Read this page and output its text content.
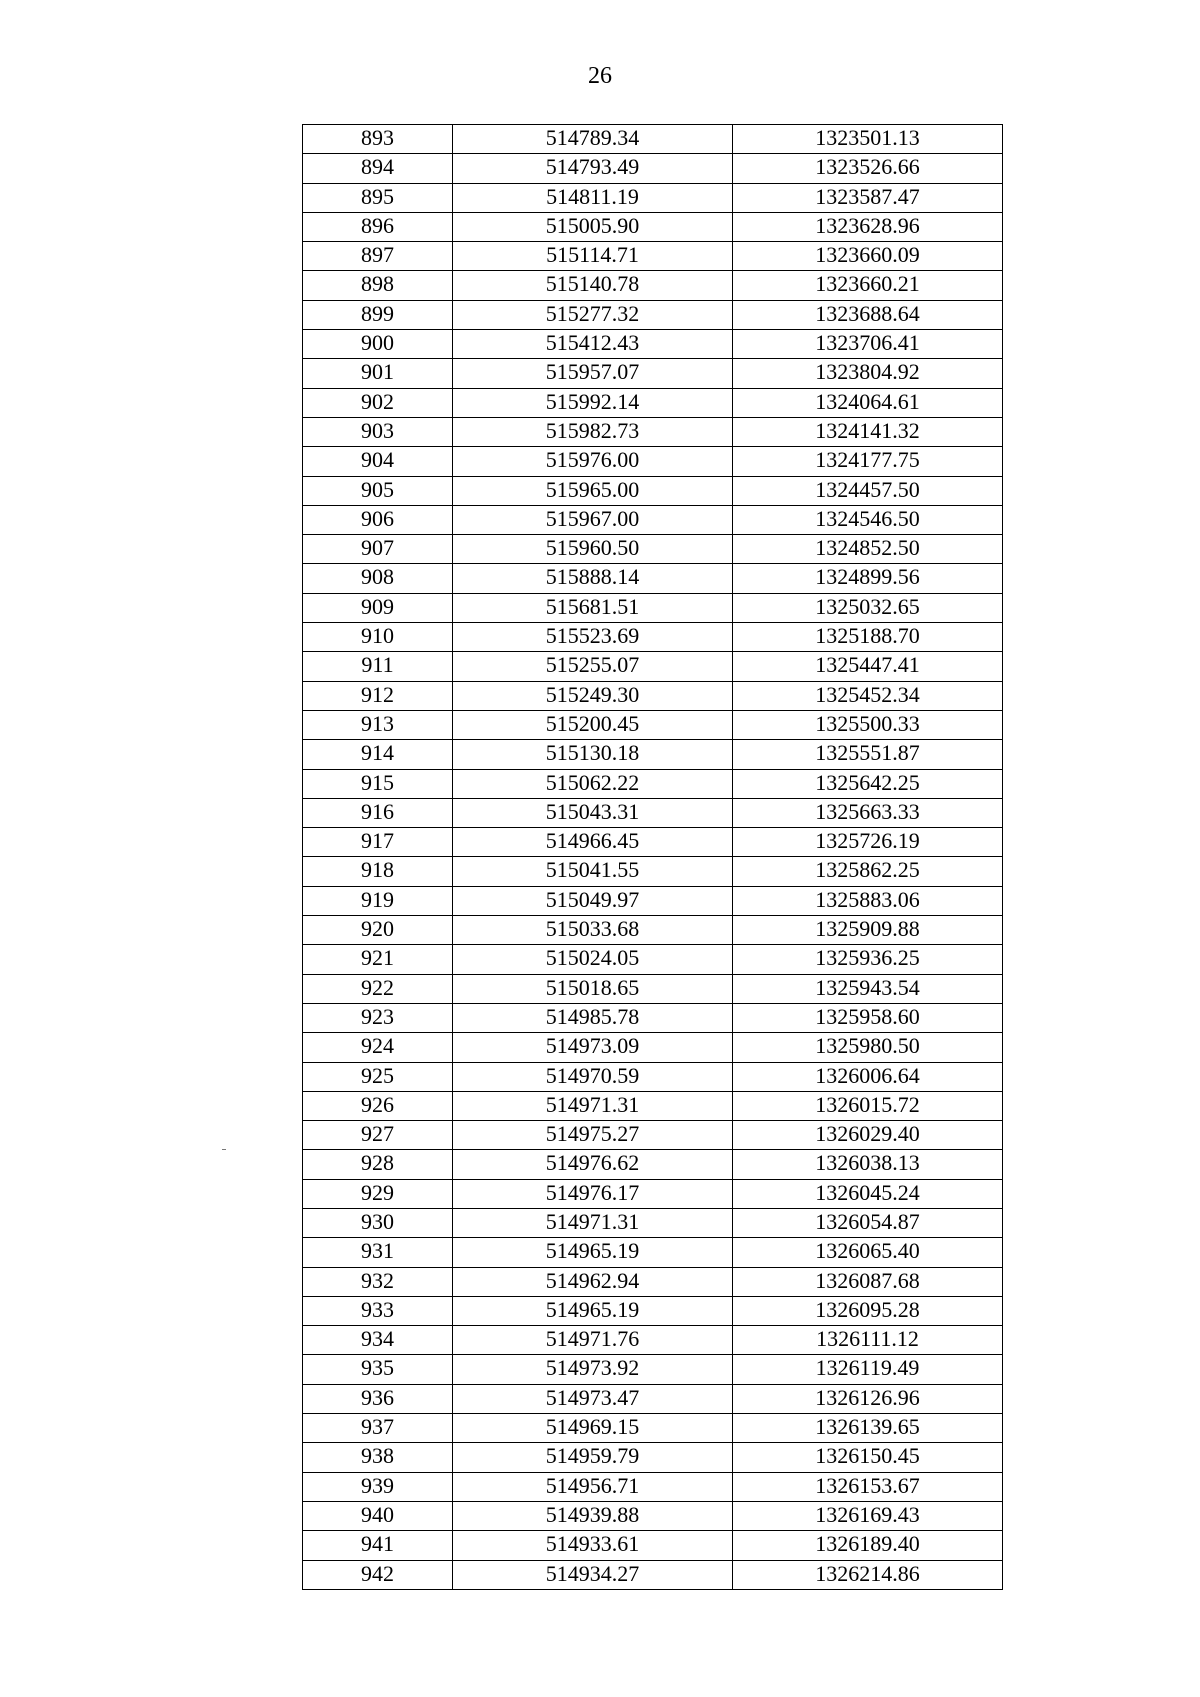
26
893	514789.34	1323501.13
894	514793.49	1323526.66
895	514811.19	1323587.47
896	515005.90	1323628.96
897	515114.71	1323660.09
898	515140.78	1323660.21
899	515277.32	1323688.64
900	515412.43	1323706.41
901	515957.07	1323804.92
902	515992.14	1324064.61
903	515982.73	1324141.32
904	515976.00	1324177.75
905	515965.00	1324457.50
906	515967.00	1324546.50
907	515960.50	1324852.50
908	515888.14	1324899.56
909	515681.51	1325032.65
910	515523.69	1325188.70
911	515255.07	1325447.41
912	515249.30	1325452.34
913	515200.45	1325500.33
914	515130.18	1325551.87
915	515062.22	1325642.25
916	515043.31	1325663.33
917	514966.45	1325726.19
918	515041.55	1325862.25
919	515049.97	1325883.06
920	515033.68	1325909.88
921	515024.05	1325936.25
922	515018.65	1325943.54
923	514985.78	1325958.60
924	514973.09	1325980.50
925	514970.59	1326006.64
926	514971.31	1326015.72
927	514975.27	1326029.40
928	514976.62	1326038.13
929	514976.17	1326045.24
930	514971.31	1326054.87
931	514965.19	1326065.40
932	514962.94	1326087.68
933	514965.19	1326095.28
934	514971.76	1326111.12
935	514973.92	1326119.49
936	514973.47	1326126.96
937	514969.15	1326139.65
938	514959.79	1326150.45
939	514956.71	1326153.67
940	514939.88	1326169.43
941	514933.61	1326189.40
942	514934.27	1326214.86
